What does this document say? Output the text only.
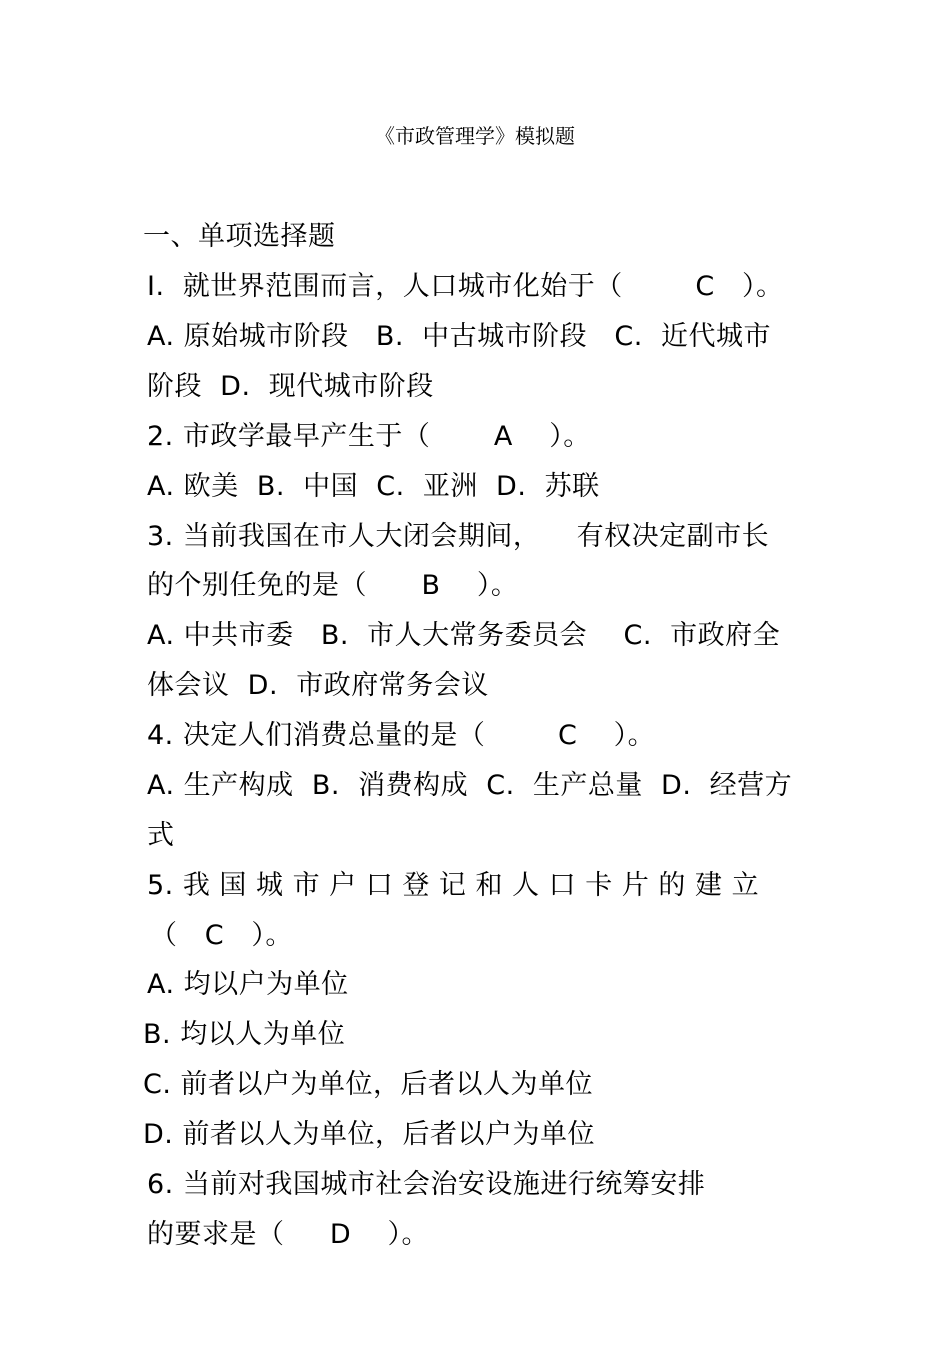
《市政管理学》模拟题
一、单项选择题
I.  就世界范围而言，人口城市化始于（        C   ）。
A. 原始城市阶段   B.  中古城市阶段   C.  近代城市
阶段  D.  现代城市阶段
2. 市政学最早产生于（       A    ）。
A. 欧美  B.  中国  C.  亚洲  D.  苏联
3. 当前我国在市人大闭会期间，    有权决定副市长
的个别任免的是（      B    ）。
A. 中共市委   B.  市人大常务委员会    C.  市政府全
体会议  D.  市政府常务会议
4. 决定人们消费总量的是（        C    ）。
A. 生产构成  B.  消费构成  C.  生产总量  D.  经营方
式
5. 我 国 城 市 户 口 登 记 和 人 口 卡 片 的 建 立
（   C   ）。
A. 均以户为单位
B. 均以人为单位
C. 前者以户为单位，后者以人为单位
D. 前者以人为单位，后者以户为单位
6. 当前对我国城市社会治安设施进行统筹安排
的要求是（     D    ）。
